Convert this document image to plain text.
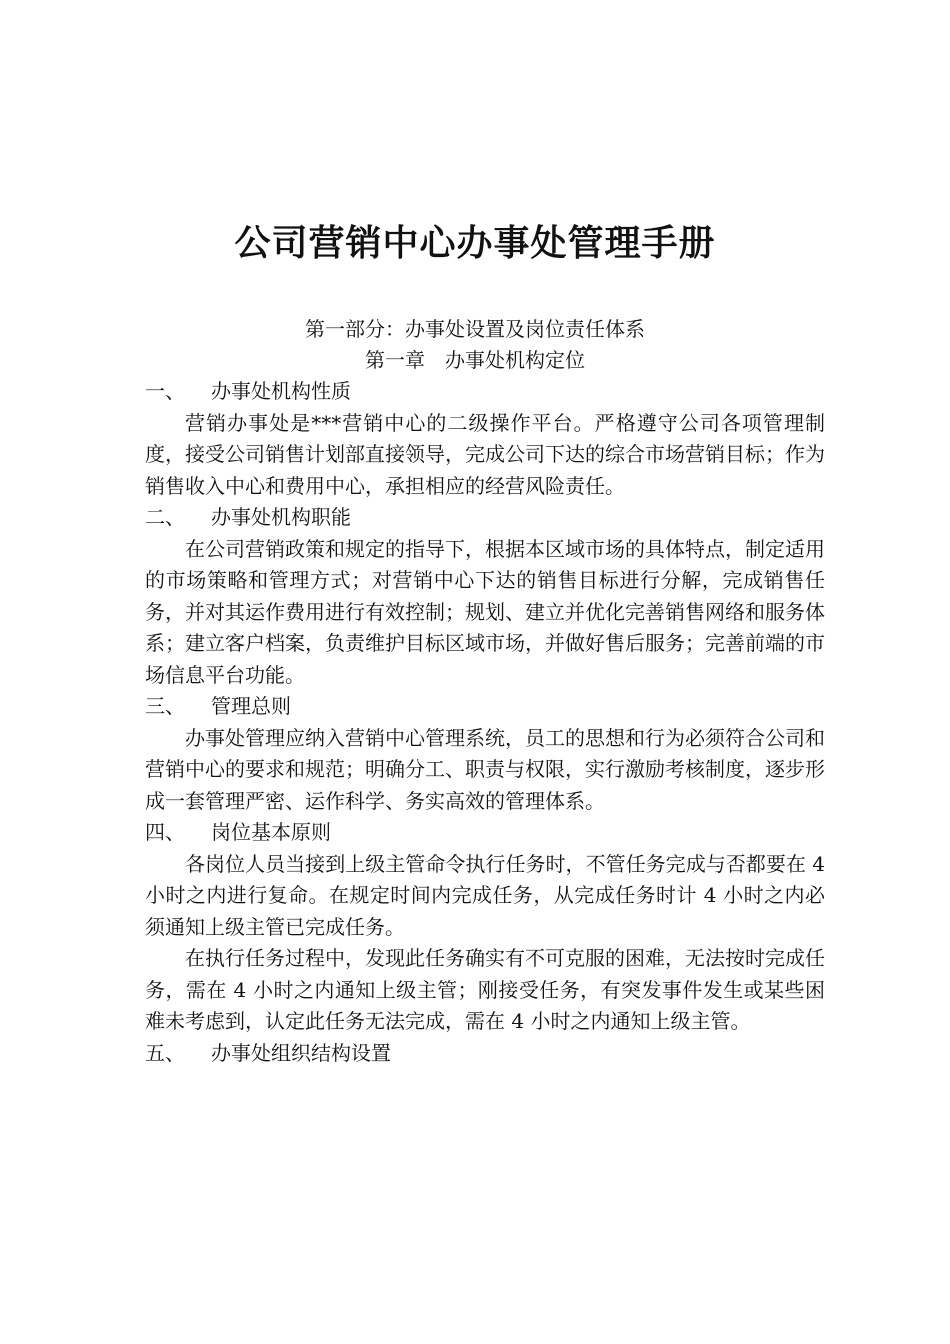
公司营销中心办事处管理手册

第一部分：办事处设置及岗位责任体系

第一章　办事处机构定位

一、	办事处机构性质

营销办事处是***营销中心的二级操作平台。严格遵守公司各项管理制度，接受公司销售计划部直接领导，完成公司下达的综合市场营销目标；作为销售收入中心和费用中心，承担相应的经营风险责任。

二、	办事处机构职能

在公司营销政策和规定的指导下，根据本区域市场的具体特点，制定适用的市场策略和管理方式；对营销中心下达的销售目标进行分解，完成销售任务，并对其运作费用进行有效控制；规划、建立并优化完善销售网络和服务体系；建立客户档案，负责维护目标区域市场，并做好售后服务；完善前端的市场信息平台功能。

三、	管理总则

办事处管理应纳入营销中心管理系统，员工的思想和行为必须符合公司和营销中心的要求和规范；明确分工、职责与权限，实行激励考核制度，逐步形成一套管理严密、运作科学、务实高效的管理体系。

四、	岗位基本原则

各岗位人员当接到上级主管命令执行任务时，不管任务完成与否都要在 4 小时之内进行复命。在规定时间内完成任务，从完成任务时计 4 小时之内必须通知上级主管已完成任务。

在执行任务过程中，发现此任务确实有不可克服的困难，无法按时完成任务，需在 4 小时之内通知上级主管；刚接受任务，有突发事件发生或某些困难未考虑到，认定此任务无法完成，需在 4 小时之内通知上级主管。

五、	办事处组织结构设置
